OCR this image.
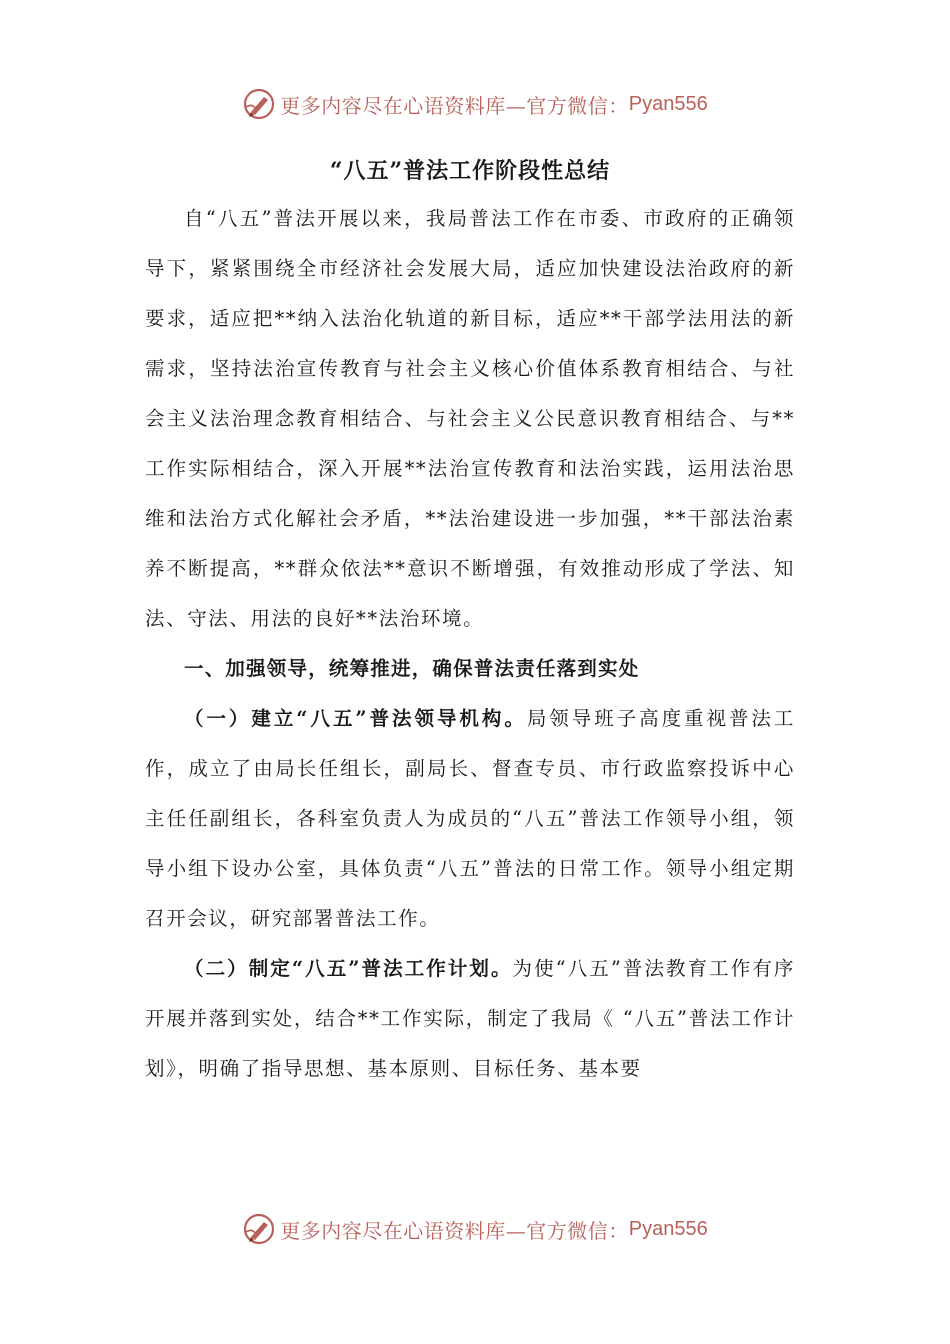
更多内容尽在心语资料库—官方微信： Pyan556
“八五”普法工作阶段性总结

自“八五”普法开展以来，我局普法工作在市委、市政府的正确领导下，紧紧围绕全市经济社会发展大局，适应加快建设法治政府的新要求，适应把**纳入法治化轨道的新目标，适应**干部学法用法的新需求，坚持法治宣传教育与社会主义核心价值体系教育相结合、与社会主义法治理念教育相结合、与社会主义公民意识教育相结合、与**工作实际相结合，深入开展**法治宣传教育和法治实践，运用法治思维和法治方式化解社会矛盾，**法治建设进一步加强，**干部法治素养不断提高，**群众依法**意识不断增强，有效推动形成了学法、知法、守法、用法的良好**法治环境。

一、加强领导，统筹推进，确保普法责任落到实处

（一）建立“八五”普法领导机构。局领导班子高度重视普法工作，成立了由局长任组长，副局长、督查专员、市行政监察投诉中心主任任副组长，各科室负责人为成员的“八五”普法工作领导小组，领导小组下设办公室，具体负责“八五”普法的日常工作。领导小组定期召开会议，研究部署普法工作。

（二）制定“八五”普法工作计划。为使“八五”普法教育工作有序开展并落到实处，结合**工作实际，制定了我局《 “八五”普法工作计划》，明确了指导思想、基本原则、目标任务、基本要

更多内容尽在心语资料库—官方微信： Pyan556
